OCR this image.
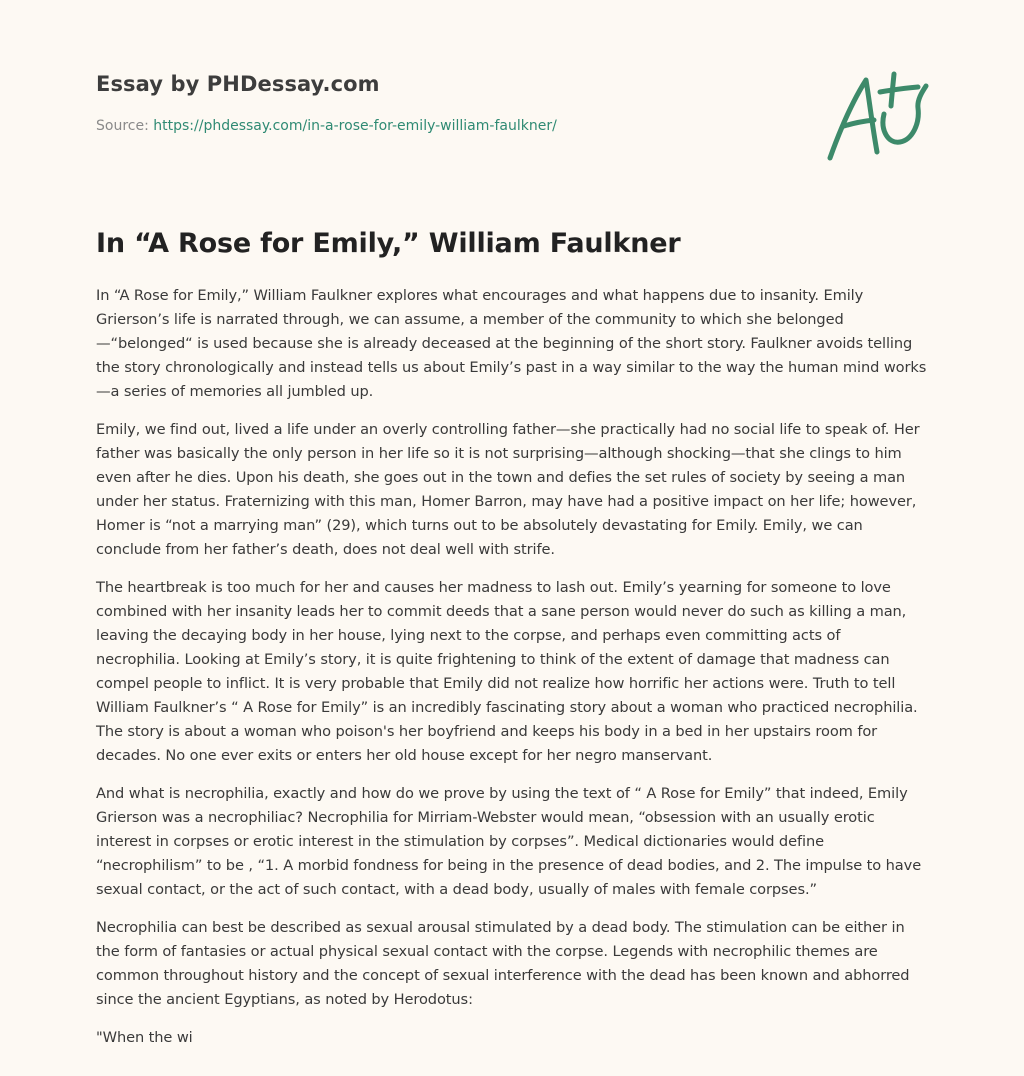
Essay by PHDessay.com
Source: https://phdessay.com/in-a-rose-for-emily-william-faulkner/
In “A Rose for Emily,” William Faulkner

In “A Rose for Emily,” William Faulkner explores what encourages and what happens due to insanity. Emily Grierson’s life is narrated through, we can assume, a member of the community to which she belonged—“belonged“ is used because she is already deceased at the beginning of the short story. Faulkner avoids telling the story chronologically and instead tells us about Emily’s past in a way similar to the way the human mind works—a series of memories all jumbled up.

Emily, we find out, lived a life under an overly controlling father—she practically had no social life to speak of. Her father was basically the only person in her life so it is not surprising—although shocking—that she clings to him even after he dies. Upon his death, she goes out in the town and defies the set rules of society by seeing a man under her status. Fraternizing with this man, Homer Barron, may have had a positive impact on her life; however, Homer is “not a marrying man” (29), which turns out to be absolutely devastating for Emily. Emily, we can conclude from her father’s death, does not deal well with strife.

The heartbreak is too much for her and causes her madness to lash out. Emily’s yearning for someone to love combined with her insanity leads her to commit deeds that a sane person would never do such as killing a man, leaving the decaying body in her house, lying next to the corpse, and perhaps even committing acts of necrophilia. Looking at Emily’s story, it is quite frightening to think of the extent of damage that madness can compel people to inflict. It is very probable that Emily did not realize how horrific her actions were. Truth to tell William Faulkner’s “ A Rose for Emily” is an incredibly fascinating story about a woman who practiced necrophilia. The story is about a woman who poison's her boyfriend and keeps his body in a bed in her upstairs room for decades. No one ever exits or enters her old house except for her negro manservant.

And what is necrophilia, exactly and how do we prove by using the text of “ A Rose for Emily” that indeed, Emily Grierson was a necrophiliac? Necrophilia for Mirriam-Webster would mean, “obsession with an usually erotic interest in corpses or erotic interest in the stimulation by corpses”. Medical dictionaries would define “necrophilism” to be , “1. A morbid fondness for being in the presence of dead bodies, and 2. The impulse to have sexual contact, or the act of such contact, with a dead body, usually of males with female corpses.”

Necrophilia can best be described as sexual arousal stimulated by a dead body. The stimulation can be either in the form of fantasies or actual physical sexual contact with the corpse. Legends with necrophilic themes are common throughout history and the concept of sexual interference with the dead has been known and abhorred since the ancient Egyptians, as noted by Herodotus:

"When the wi
